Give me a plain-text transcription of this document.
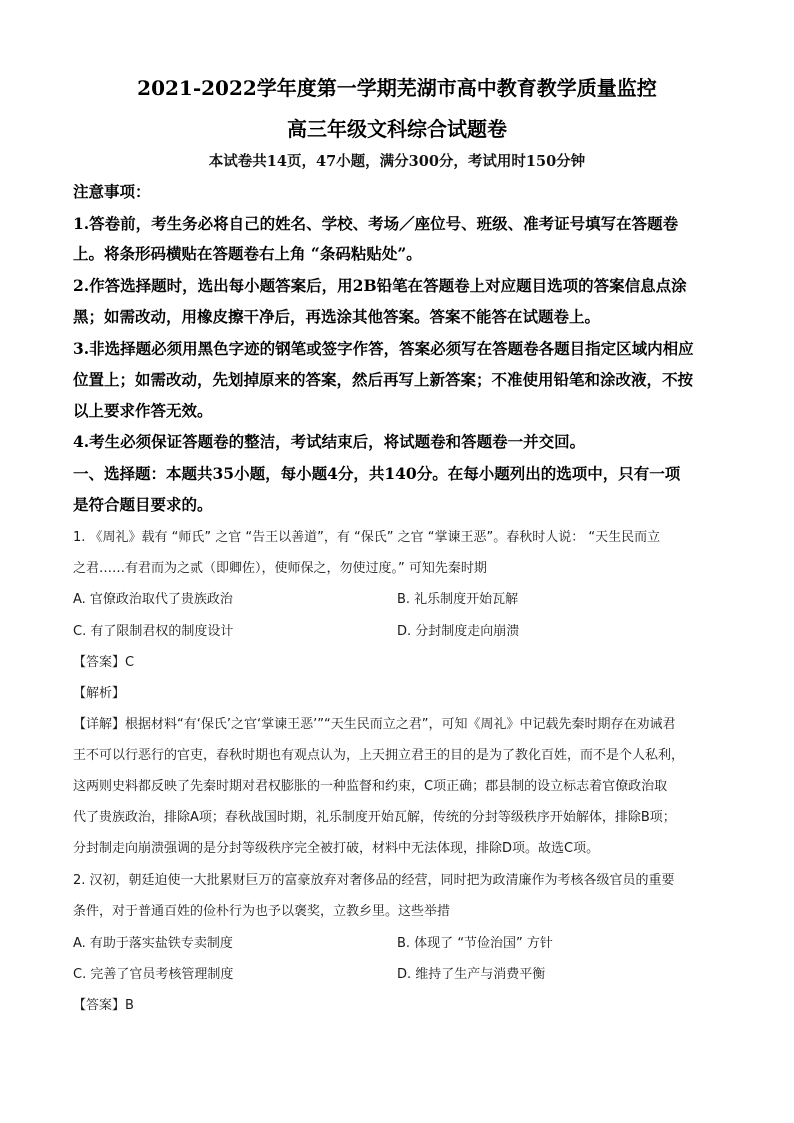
2021-2022学年度第一学期芜湖市高中教育教学质量监控
高三年级文科综合试题卷
本试卷共14页，47小题，满分300分，考试用时150分钟
注意事项：
1.答卷前，考生务必将自己的姓名、学校、考场／座位号、班级、准考证号填写在答题卷
上。将条形码横贴在答题卷右上角 “条码粘贴处”。
2.作答选择题时，选出每小题答案后，用2B铅笔在答题卷上对应题目选项的答案信息点涂
黑；如需改动，用橡皮擦干净后，再选涂其他答案。答案不能答在试题卷上。
3.非选择题必须用黑色字迹的钢笔或签字作答，答案必须写在答题卷各题目指定区域内相应
位置上；如需改动，先划掉原来的答案，然后再写上新答案；不准使用铅笔和涂改液，不按
以上要求作答无效。
4.考生必须保证答题卷的整洁，考试结束后，将试题卷和答题卷一并交回。
一、选择题：本题共35小题，每小题4分，共140分。在每小题列出的选项中，只有一项
是符合题目要求的。
1. 《周礼》载有 “师氏” 之官 “告王以善道”，有 “保氏” 之官 “掌谏王恶”。春秋时人说： “天生民而立
之君……有君而为之贰（即卿佐），使师保之，勿使过度。” 可知先秦时期
A. 官僚政治取代了贵族政治	B. 礼乐制度开始瓦解
C. 有了限制君权的制度设计	D. 分封制度走向崩溃
【答案】C
【解析】
【详解】根据材料“有‘保氏’之官‘掌谏王恶’”“天生民而立之君”，可知《周礼》中记载先秦时期存在劝诫君
王不可以行恶行的官吏，春秋时期也有观点认为，上天拥立君王的目的是为了教化百姓，而不是个人私利，
这两则史料都反映了先秦时期对君权膨胀的一种监督和约束，C项正确；郡县制的设立标志着官僚政治取
代了贵族政治，排除A项；春秋战国时期，礼乐制度开始瓦解，传统的分封等级秩序开始解体，排除B项；
分封制走向崩溃强调的是分封等级秩序完全被打破，材料中无法体现，排除D项。故选C项。
2. 汉初，朝廷迫使一大批累财巨万的富豪放弃对奢侈品的经营，同时把为政清廉作为考核各级官员的重要
条件，对于普通百姓的俭朴行为也予以褒奖，立教乡里。这些举措
A. 有助于落实盐铁专卖制度	B. 体现了 “节俭治国” 方针
C. 完善了官员考核管理制度	D. 维持了生产与消费平衡
【答案】B
